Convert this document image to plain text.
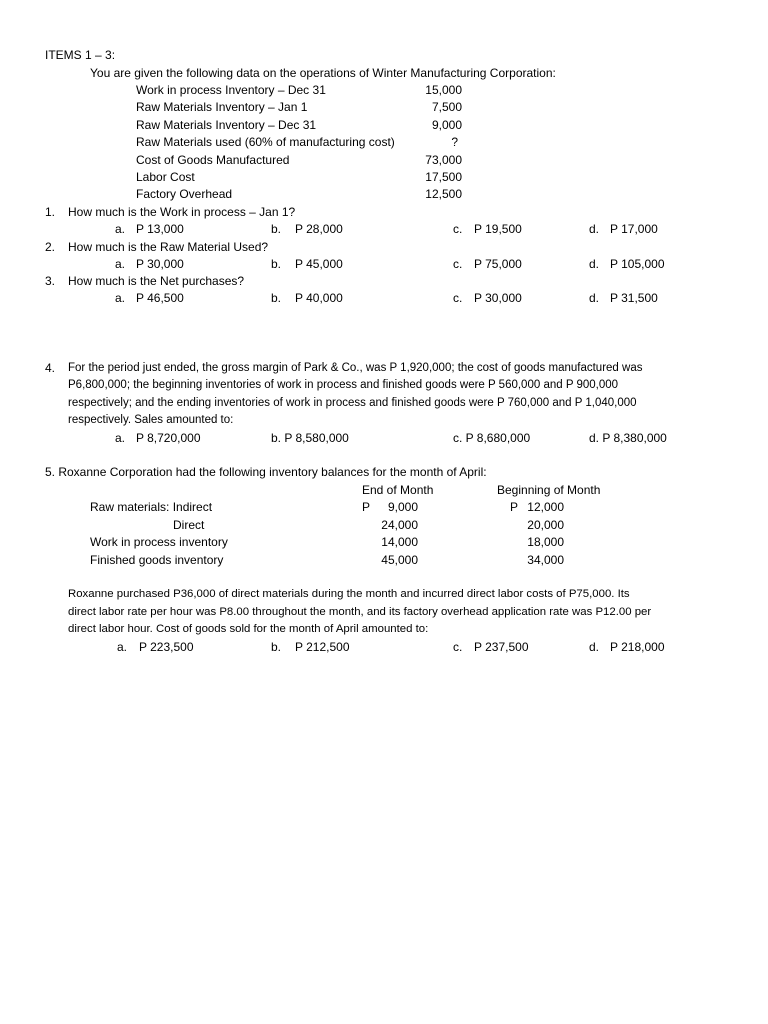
ITEMS 1 – 3:
You are given the following data on the operations of Winter Manufacturing Corporation:
Work in process Inventory – Dec 31	15,000
Raw Materials Inventory – Jan 1	7,500
Raw Materials Inventory – Dec 31	9,000
Raw Materials used (60% of manufacturing cost)	?
Cost of Goods Manufactured	73,000
Labor Cost	17,500
Factory Overhead	12,500
1. How much is the Work in process – Jan 1?
a. P 13,000	b. P 28,000	c. P 19,500	d. P 17,000
2. How much is the Raw Material Used?
a. P 30,000	b. P 45,000	c. P 75,000	d. P 105,000
3. How much is the Net purchases?
a. P 46,500	b. P 40,000	c. P 30,000	d. P 31,500
4. For the period just ended, the gross margin of Park & Co., was P 1,920,000; the cost of goods manufactured was
P6,800,000; the beginning inventories of work in process and finished goods were P 560,000 and P 900,000
respectively; and the ending inventories of work in process and finished goods were P 760,000 and P 1,040,000
respectively. Sales amounted to:
a. P 8,720,000	b. P 8,580,000	c. P 8,680,000	d. P 8,380,000
5. Roxanne Corporation had the following inventory balances for the month of April:
End of Month	Beginning of Month
Raw materials: Indirect	P	9,000	P 12,000
Direct	24,000	20,000
Work in process inventory	14,000	18,000
Finished goods inventory	45,000	34,000
Roxanne purchased P36,000 of direct materials during the month and incurred direct labor costs of P75,000. Its
direct labor rate per hour was P8.00 throughout the month, and its factory overhead application rate was P12.00 per
direct labor hour. Cost of goods sold for the month of April amounted to:
a. P 223,500	b. P 212,500	c. P 237,500	d. P 218,000
